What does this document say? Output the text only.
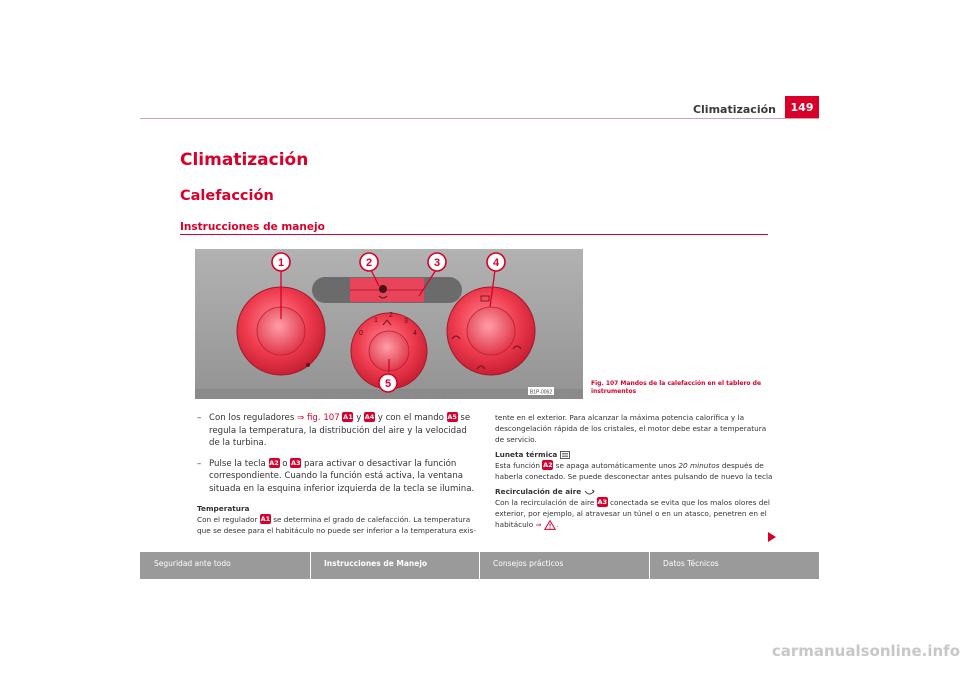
Climatización	149
Climatización
Calefacción
Instrucciones de manejo
0
1
2
3
4
1	2	3	4
5
B1P-0062
Fig. 107 Mandos de la calefacción en el tablero de instrumentos
– Con los reguladores ⇒ fig. 107 A1 y A4 y con el mando A5 se regula la temperatura, la distribución del aire y la velocidad de la turbina.
– Pulse la tecla A2 o A3 para activar o desactivar la función correspondiente. Cuando la función está activa, la ventana situada en la esquina inferior izquierda de la tecla se ilumina.
Temperatura
Con el regulador A1 se determina el grado de calefacción. La temperatura que se desee para el habitáculo no puede ser inferior a la temperatura exis-
tente en el exterior. Para alcanzar la máxima potencia calorífica y la descongelación rápida de los cristales, el motor debe estar a temperatura de servicio.
Luneta térmica
Esta función A2 se apaga automáticamente unos 20 minutos después de haberla conectado. Se puede desconectar antes pulsando de nuevo la tecla
Recirculación de aire
Con la recirculación de aire A3 conectada se evita que los malos olores del exterior, por ejemplo, al atravesar un túnel o en un atasco, penetren en el habitáculo ⇒ .
Seguridad ante todo	Instrucciones de Manejo	Consejos prácticos	Datos Técnicos
carmanualsonline.info
